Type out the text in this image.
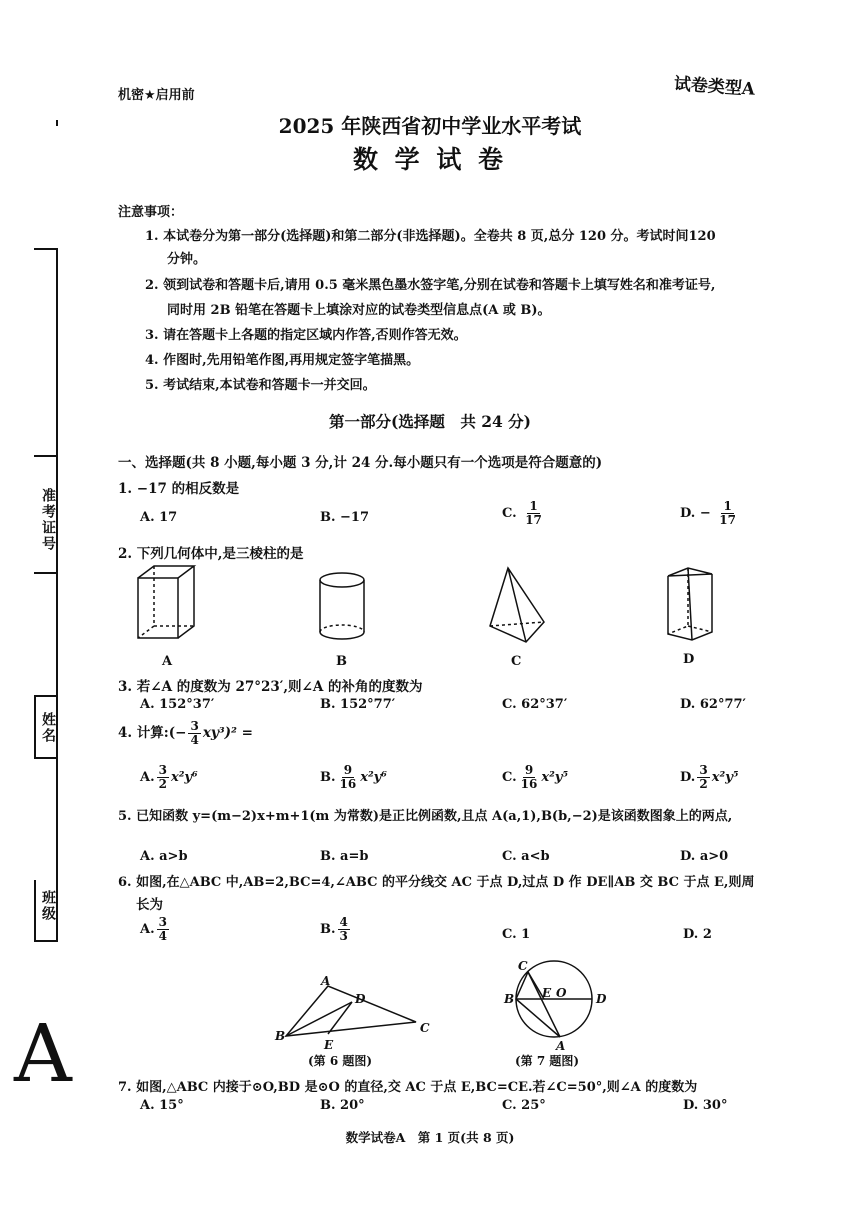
机密★启用前	试卷类型A
2025 年陕西省初中学业水平考试
数 学 试 卷
注意事项：
1. 本试卷分为第一部分(选择题)和第二部分(非选择题)。全卷共 8 页,总分 120 分。考试时间120
分钟。
2. 领到试卷和答题卡后,请用 0.5 毫米黑色墨水签字笔,分别在试卷和答题卡上填写姓名和准考证号,
同时用 2B 铅笔在答题卡上填涂对应的试卷类型信息点(A 或 B)。
3. 请在答题卡上各题的指定区域内作答,否则作答无效。
4. 作图时,先用铅笔作图,再用规定签字笔描黑。
5. 考试结束,本试卷和答题卡一并交回。
准考证号
姓名
班级
A
第一部分(选择题　共 24 分)
一、选择题(共 8 小题,每小题 3 分,计 24 分.每小题只有一个选项是符合题意的)
1. −17 的相反数是
A. 17	B. −17	C. $\frac{1}{17}$	D. − $\frac{1}{17}$
2. 下列几何体中,是三棱柱的是
A	B	C	D
3. 若∠A 的度数为 27°23′,则∠A 的补角的度数为
A. 152°37′	B. 152°77′	C. 62°37′	D. 62°77′
4. 计算:(− $\frac{3}{4} xy^3)^2$ =
A. $\frac{3}{2} x^2y^6$	B. $\frac{9}{16} x^2y^6$	C. $\frac{9}{16} x^2y^5$	D. $\frac{3}{2} x^2y^5$
5. 已知函数 y=(m−2)x+m+1(m 为常数)是正比例函数,且点 A(a,1),B(b,−2)是该函数图象上的两点,
A. a>b	B. a=b	C. a<b	D. a>0
6. 如图,在△ABC 中,AB=2,BC=4,∠ABC 的平分线交 AC 于点 D,过点 D 作 DE∥AB 交 BC 于点 E,则周
长为
A. $\frac{3}{4}$	B. $\frac{4}{3}$	C. 1	D. 2
A
B
C
D
E
(第 6 题图)
C
B E O D
A
(第 7 题图)
7. 如图,△ABC 内接于⊙O,BD 是⊙O 的直径,交 AC 于点 E,BC=CE.若∠C=50°,则∠A 的度数为
A. 15°	B. 20°	C. 25°	D. 30°
数学试卷A　第 1 页(共 8 页)
